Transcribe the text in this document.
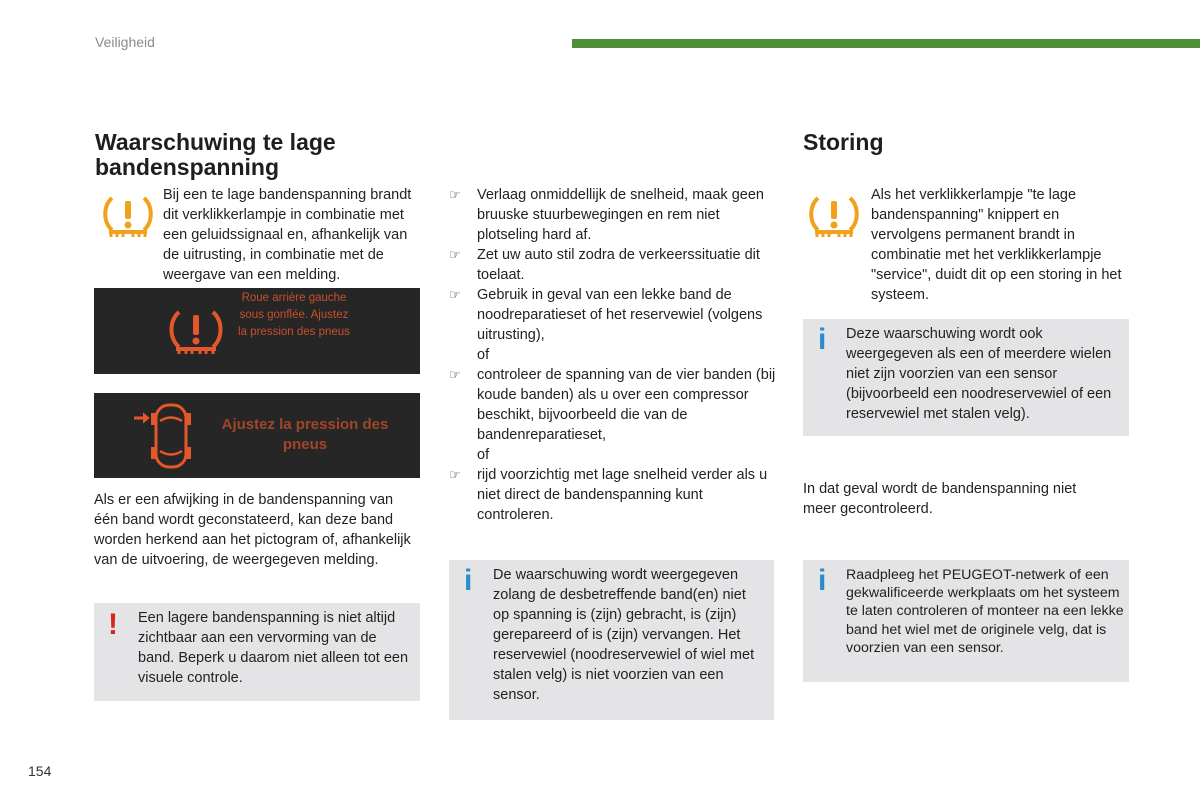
Veiligheid
Waarschuwing te lage bandenspanning

Bij een te lage bandenspanning brandt dit verklikkerlampje in combinatie met een geluidssignaal en, afhankelijk van de uitrusting, in combinatie met de weergave van een melding.

Roue arrière gauche sous gonflée. Ajustez la pression des pneus
Ajustez la pression des pneus

Als er een afwijking in de bandenspanning van één band wordt geconstateerd, kan deze band worden herkend aan het pictogram of, afhankelijk van de uitvoering, de weergegeven melding.

! Een lagere bandenspanning is niet altijd zichtbaar aan een vervorming van de band. Beperk u daarom niet alleen tot een visuele controle.
☞ Verlaag onmiddellijk de snelheid, maak geen bruuske stuurbewegingen en rem niet plotseling hard af.
☞ Zet uw auto stil zodra de verkeerssituatie dit toelaat.
☞ Gebruik in geval van een lekke band de noodreparatieset of het reservewiel (volgens uitrusting),
of
☞ controleer de spanning van de vier banden (bij koude banden) als u over een compressor beschikt, bijvoorbeeld die van de bandenreparatieset,
of
☞ rijd voorzichtig met lage snelheid verder als u niet direct de bandenspanning kunt controleren.
i De waarschuwing wordt weergegeven zolang de desbetreffende band(en) niet op spanning is (zijn) gebracht, is (zijn) gerepareerd of is (zijn) vervangen. Het reservewiel (noodreservewiel of wiel met stalen velg) is niet voorzien van een sensor.
Storing

Als het verklikkerlampje "te lage bandenspanning" knippert en vervolgens permanent brandt in combinatie met het verklikkerlampje "service", duidt dit op een storing in het systeem.

i Deze waarschuwing wordt ook weergegeven als een of meerdere wielen niet zijn voorzien van een sensor (bijvoorbeeld een noodreservewiel of een reservewiel met stalen velg).

In dat geval wordt de bandenspanning niet meer gecontroleerd.

i Raadpleeg het PEUGEOT-netwerk of een gekwalificeerde werkplaats om het systeem te laten controleren of monteer na een lekke band het wiel met de originele velg, dat is voorzien van een sensor.
154
